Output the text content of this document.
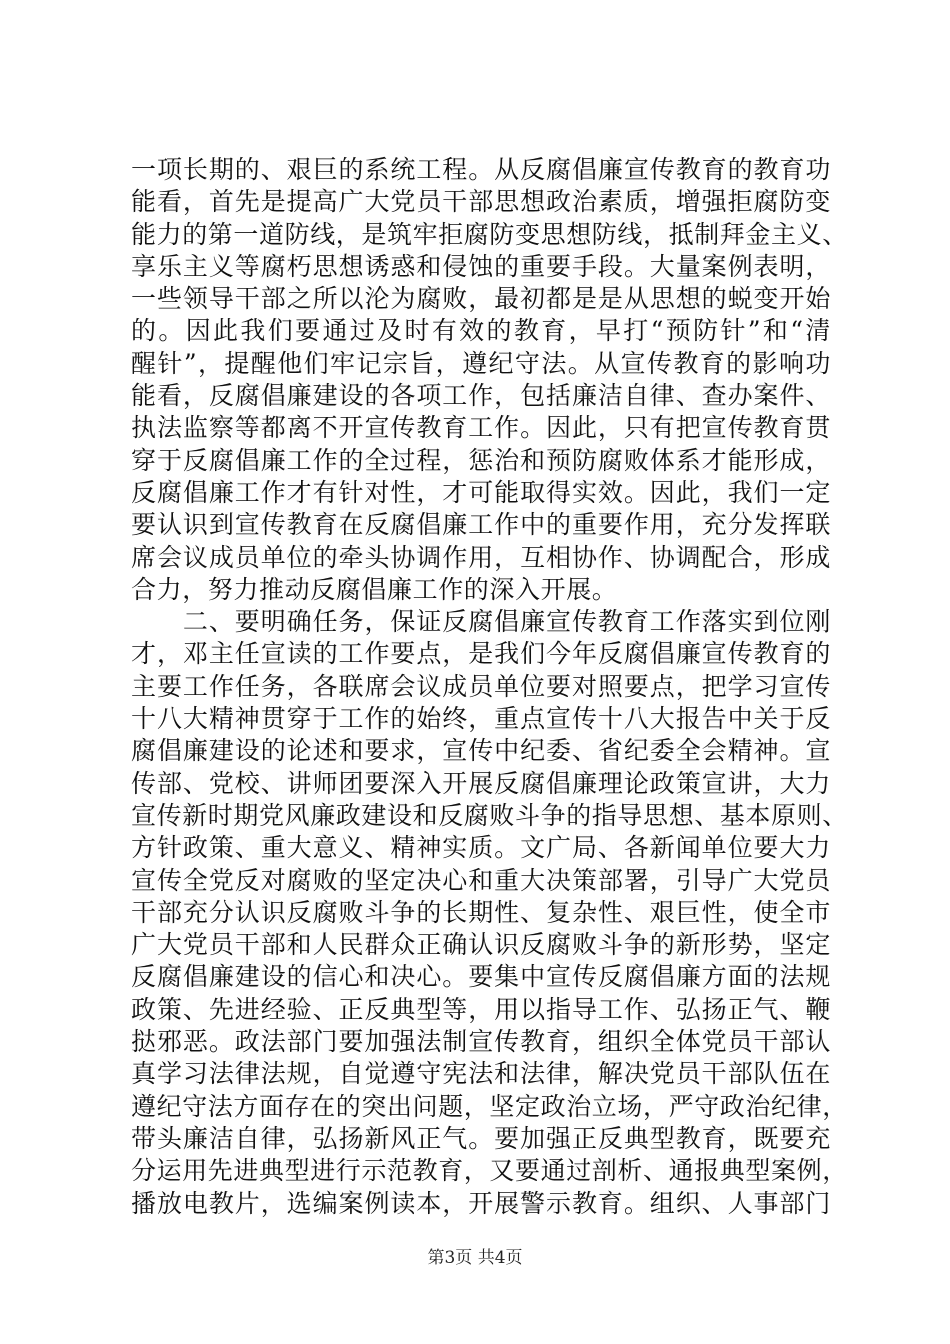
一项长期的、艰巨的系统工程。从反腐倡廉宣传教育的教育功
能看，首先是提高广大党员干部思想政治素质，增强拒腐防变
能力的第一道防线，是筑牢拒腐防变思想防线，抵制拜金主义、
享乐主义等腐朽思想诱惑和侵蚀的重要手段。大量案例表明，
一些领导干部之所以沦为腐败，最初都是是从思想的蜕变开始
的。因此我们要通过及时有效的教育，早打“预防针”和“清
醒针”，提醒他们牢记宗旨，遵纪守法。从宣传教育的影响功
能看，反腐倡廉建设的各项工作，包括廉洁自律、查办案件、
执法监察等都离不开宣传教育工作。因此，只有把宣传教育贯
穿于反腐倡廉工作的全过程，惩治和预防腐败体系才能形成，
反腐倡廉工作才有针对性，才可能取得实效。因此，我们一定
要认识到宣传教育在反腐倡廉工作中的重要作用，充分发挥联
席会议成员单位的牵头协调作用，互相协作、协调配合，形成
合力，努力推动反腐倡廉工作的深入开展。
　　二、要明确任务，保证反腐倡廉宣传教育工作落实到位刚
才，邓主任宣读的工作要点，是我们今年反腐倡廉宣传教育的
主要工作任务，各联席会议成员单位要对照要点，把学习宣传
十八大精神贯穿于工作的始终，重点宣传十八大报告中关于反
腐倡廉建设的论述和要求，宣传中纪委、省纪委全会精神。宣
传部、党校、讲师团要深入开展反腐倡廉理论政策宣讲，大力
宣传新时期党风廉政建设和反腐败斗争的指导思想、基本原则、
方针政策、重大意义、精神实质。文广局、各新闻单位要大力
宣传全党反对腐败的坚定决心和重大决策部署，引导广大党员
干部充分认识反腐败斗争的长期性、复杂性、艰巨性，使全市
广大党员干部和人民群众正确认识反腐败斗争的新形势，坚定
反腐倡廉建设的信心和决心。要集中宣传反腐倡廉方面的法规
政策、先进经验、正反典型等，用以指导工作、弘扬正气、鞭
挞邪恶。政法部门要加强法制宣传教育，组织全体党员干部认
真学习法律法规，自觉遵守宪法和法律，解决党员干部队伍在
遵纪守法方面存在的突出问题，坚定政治立场，严守政治纪律，
带头廉洁自律，弘扬新风正气。要加强正反典型教育，既要充
分运用先进典型进行示范教育，又要通过剖析、通报典型案例，
播放电教片，选编案例读本，开展警示教育。组织、人事部门
第3页 共4页
